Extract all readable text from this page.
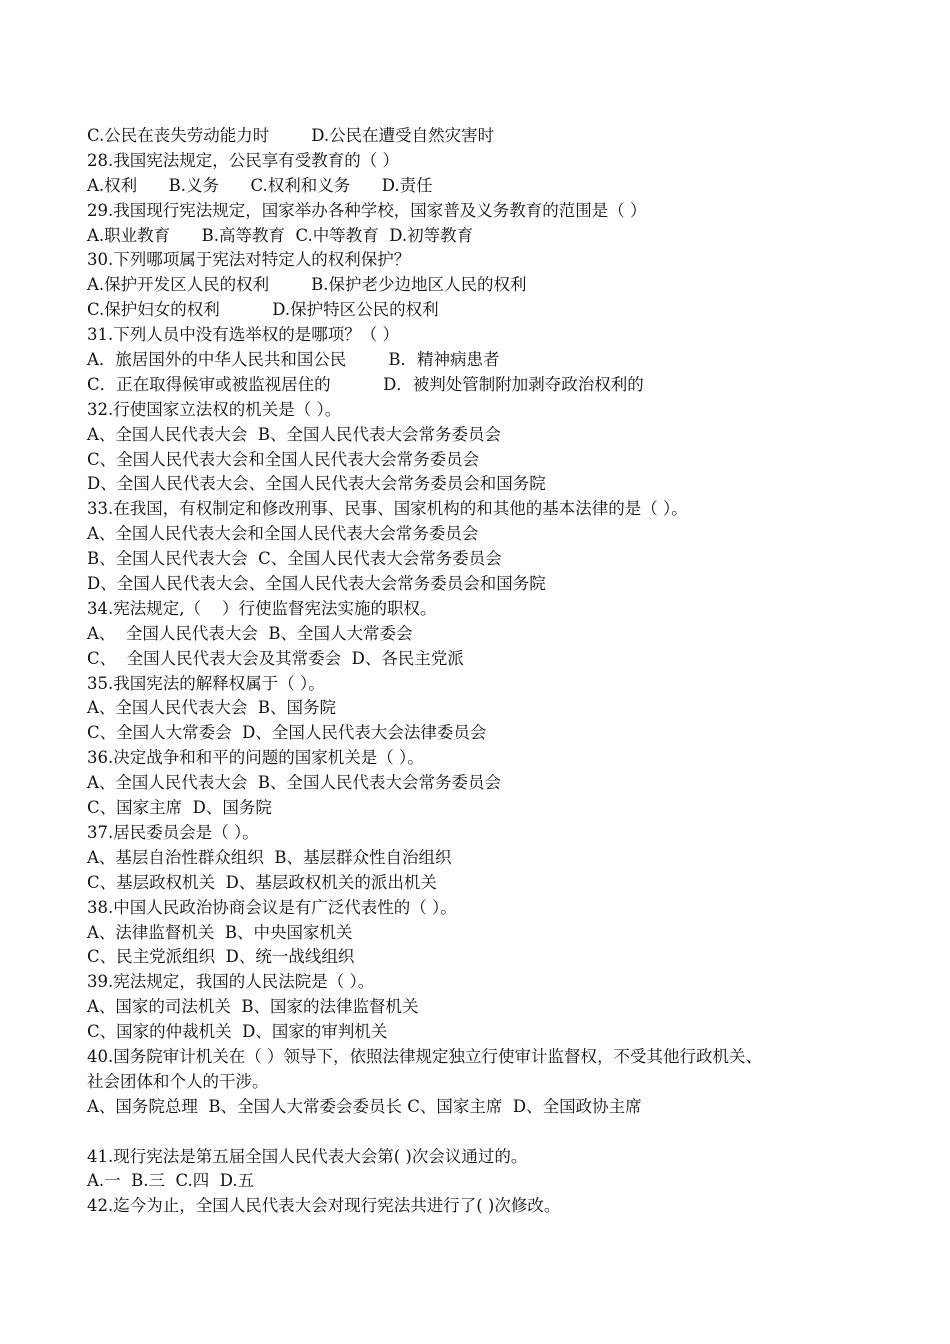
C.公民在丧失劳动能力时        D.公民在遭受自然灾害时
28.我国宪法规定，公民享有受教育的（ ）
A.权利      B.义务      C.权利和义务      D.责任
29.我国现行宪法规定，国家举办各种学校，国家普及义务教育的范围是（ ）
A.职业教育      B.高等教育  C.中等教育  D.初等教育
30.下列哪项属于宪法对特定人的权利保护？
A.保护开发区人民的权利        B.保护老少边地区人民的权利
C.保护妇女的权利          D.保护特区公民的权利
31.下列人员中没有选举权的是哪项？（ ）
A．旅居国外的中华人民共和国公民        B．精神病患者
C．正在取得候审或被监视居住的          D．被判处管制附加剥夺政治权利的
32.行使国家立法权的机关是（ ）。
A、全国人民代表大会  B、全国人民代表大会常务委员会
C、全国人民代表大会和全国人民代表大会常务委员会
D、全国人民代表大会、全国人民代表大会常务委员会和国务院
33.在我国，有权制定和修改刑事、民事、国家机构的和其他的基本法律的是（ ）。
A、全国人民代表大会和全国人民代表大会常务委员会
B、全国人民代表大会  C、全国人民代表大会常务委员会
D、全国人民代表大会、全国人民代表大会常务委员会和国务院
34.宪法规定,（    ）行使监督宪法实施的职权。
A、  全国人民代表大会  B、全国人大常委会
C、  全国人民代表大会及其常委会  D、各民主党派
35.我国宪法的解释权属于（ ）。
A、全国人民代表大会  B、国务院
C、全国人大常委会  D、全国人民代表大会法律委员会
36.决定战争和和平的问题的国家机关是（ ）。
A、全国人民代表大会  B、全国人民代表大会常务委员会
C、国家主席  D、国务院
37.居民委员会是（ ）。
A、基层自治性群众组织  B、基层群众性自治组织
C、基层政权机关  D、基层政权机关的派出机关
38.中国人民政治协商会议是有广泛代表性的（ ）。
A、法律监督机关  B、中央国家机关
C、民主党派组织  D、统一战线组织
39.宪法规定，我国的人民法院是（ ）。
A、国家的司法机关  B、国家的法律监督机关
C、国家的仲裁机关  D、国家的审判机关
40.国务院审计机关在（ ）领导下，依照法律规定独立行使审计监督权，不受其他行政机关、
社会团体和个人的干涉。
A、国务院总理  B、全国人大常委会委员长 C、国家主席  D、全国政协主席
41.现行宪法是第五届全国人民代表大会第( )次会议通过的。
A.一  B.三  C.四  D.五
42.迄今为止，全国人民代表大会对现行宪法共进行了( )次修改。
